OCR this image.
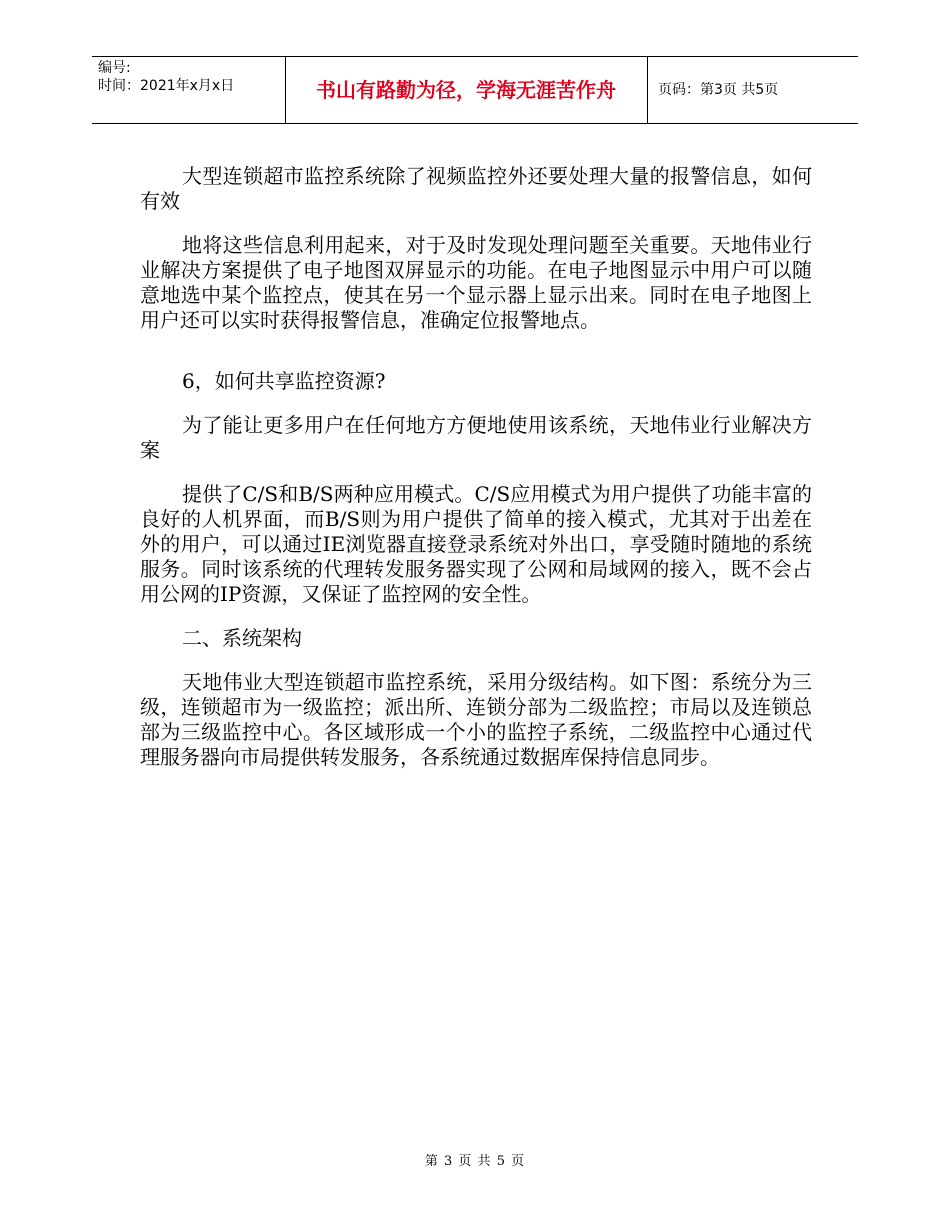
编号:
时间：2021年x月x日	书山有路勤为径，学海无涯苦作舟	页码：第3页 共5页

大型连锁超市监控系统除了视频监控外还要处理大量的报警信息，如何有效

地将这些信息利用起来，对于及时发现处理问题至关重要。天地伟业行业解决方案提供了电子地图双屏显示的功能。在电子地图显示中用户可以随意地选中某个监控点，使其在另一个显示器上显示出来。同时在电子地图上用户还可以实时获得报警信息，准确定位报警地点。

6，如何共享监控资源?

为了能让更多用户在任何地方方便地使用该系统，天地伟业行业解决方案

提供了C/S和B/S两种应用模式。C/S应用模式为用户提供了功能丰富的良好的人机界面，而B/S则为用户提供了简单的接入模式，尤其对于出差在外的用户，可以通过IE浏览器直接登录系统对外出口，享受随时随地的系统服务。同时该系统的代理转发服务器实现了公网和局域网的接入，既不会占用公网的IP资源，又保证了监控网的安全性。

二、系统架构

天地伟业大型连锁超市监控系统，采用分级结构。如下图：系统分为三级，连锁超市为一级监控；派出所、连锁分部为二级监控；市局以及连锁总部为三级监控中心。各区域形成一个小的监控子系统，二级监控中心通过代理服务器向市局提供转发服务，各系统通过数据库保持信息同步。

第 3 页 共 5 页
